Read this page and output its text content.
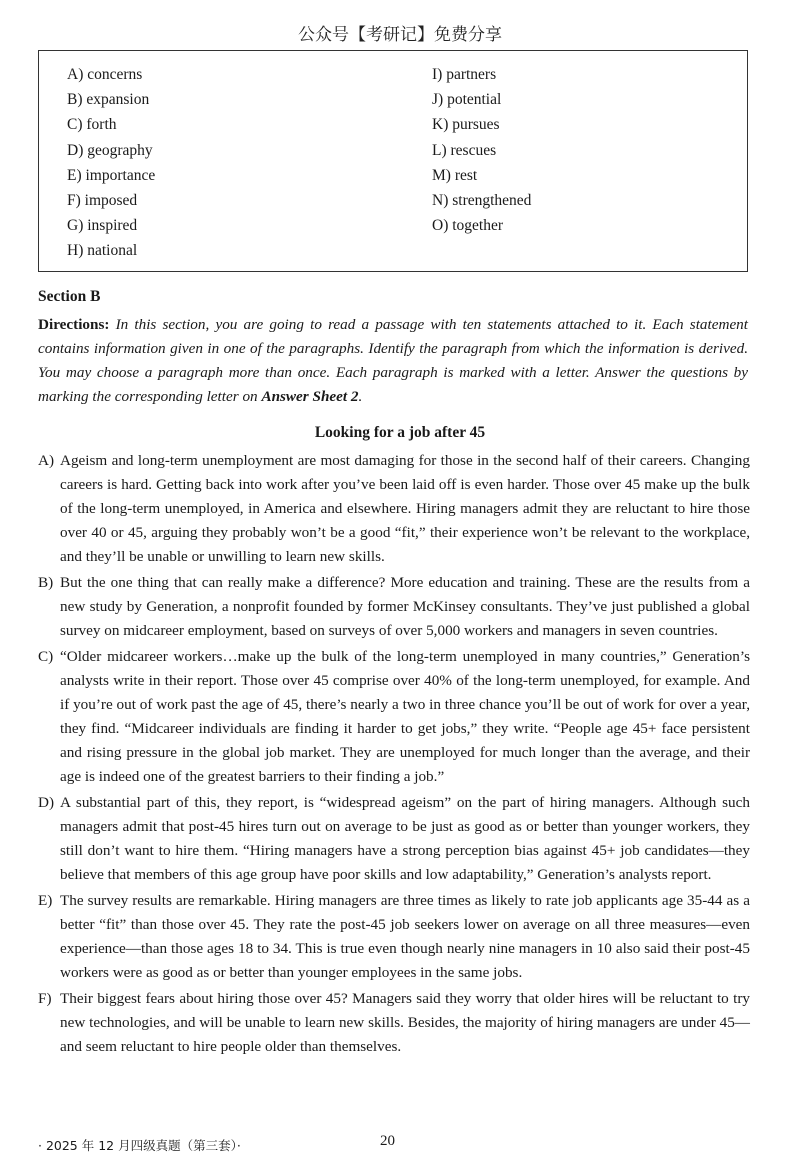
公众号【考研记】免费分享
A) concerns
B) expansion
C) forth
D) geography
E) importance
F) imposed
G) inspired
H) national
I) partners
J) potential
K) pursues
L) rescues
M) rest
N) strengthened
O) together
Section B

Directions: In this section, you are going to read a passage with ten statements attached to it. Each statement contains information given in one of the paragraphs. Identify the paragraph from which the information is derived. You may choose a paragraph more than once. Each paragraph is marked with a letter. Answer the questions by marking the corresponding letter on Answer Sheet 2.

Looking for a job after 45

A) Ageism and long-term unemployment are most damaging for those in the second half of their careers. Changing careers is hard. Getting back into work after you’ve been laid off is even harder. Those over 45 make up the bulk of the long-term unemployed, in America and elsewhere. Hiring managers admit they are reluctant to hire those over 40 or 45, arguing they probably won’t be a good “fit,” their experience won’t be relevant to the workplace, and they’ll be unable or unwilling to learn new skills.

B) But the one thing that can really make a difference? More education and training. These are the results from a new study by Generation, a nonprofit founded by former McKinsey consultants. They’ve just published a global survey on midcareer employment, based on surveys of over 5,000 workers and managers in seven countries.

C) “Older midcareer workers…make up the bulk of the long-term unemployed in many countries,” Generation’s analysts write in their report. Those over 45 comprise over 40% of the long-term unemployed, for example. And if you’re out of work past the age of 45, there’s nearly a two in three chance you’ll be out of work for over a year, they find. “Midcareer individuals are finding it harder to get jobs,” they write. “People age 45+ face persistent and rising pressure in the global job market. They are unemployed for much longer than the average, and their age is indeed one of the greatest barriers to their finding a job.”

D) A substantial part of this, they report, is “widespread ageism” on the part of hiring managers. Although such managers admit that post-45 hires turn out on average to be just as good as or better than younger workers, they still don’t want to hire them. “Hiring managers have a strong perception bias against 45+ job candidates—they believe that members of this age group have poor skills and low adaptability,” Generation’s analysts report.

E) The survey results are remarkable. Hiring managers are three times as likely to rate job applicants age 35-44 as a better “fit” than those over 45. They rate the post-45 job seekers lower on average on all three measures—even experience—than those ages 18 to 34. This is true even though nearly nine managers in 10 also said their post-45 workers were as good as or better than younger employees in the same jobs.

F) Their biggest fears about hiring those over 45? Managers said they worry that older hires will be reluctant to try new technologies, and will be unable to learn new skills. Besides, the majority of hiring managers are under 45—and seem reluctant to hire people older than themselves.

· 2025 年 12 月四级真题（第三套）·	20
